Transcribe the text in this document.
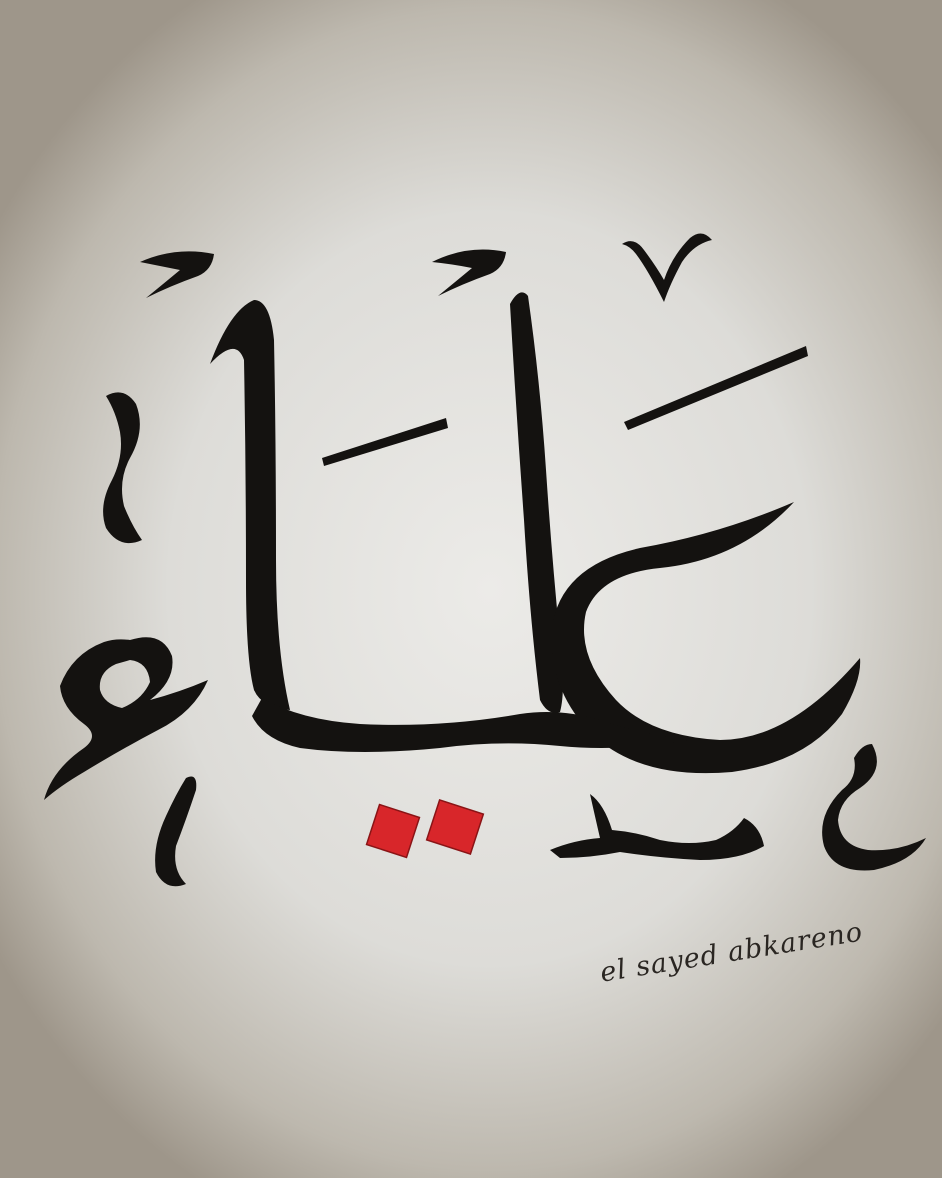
el sayed abkareno
